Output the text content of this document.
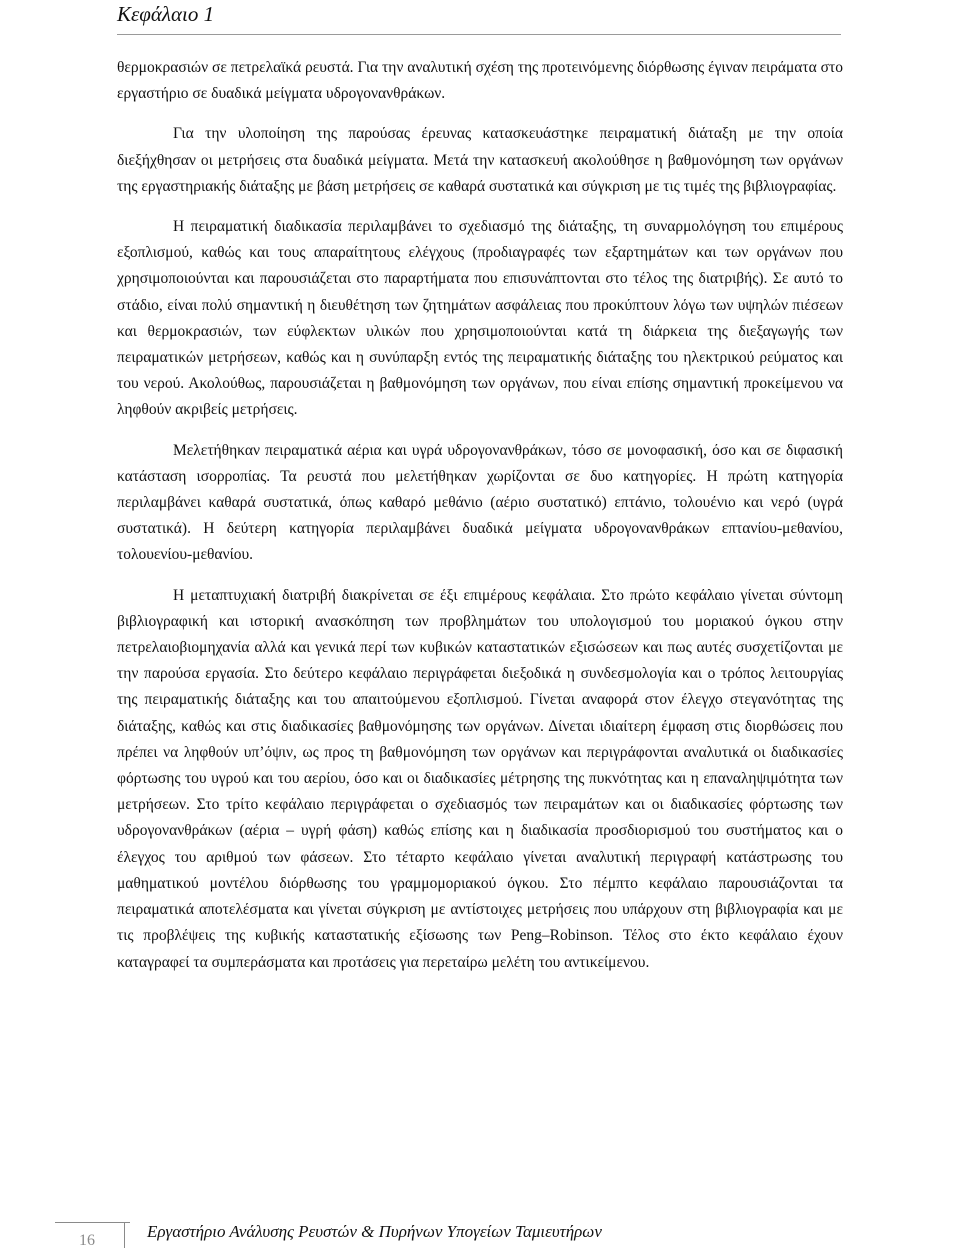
Κεφάλαιο 1

θερμοκρασιών σε πετρελαϊκά ρευστά. Για την αναλυτική σχέση της προτεινόμενης διόρθωσης έγιναν πειράματα στο εργαστήριο σε δυαδικά μείγματα υδρογονανθράκων.

Για την υλοποίηση της παρούσας έρευνας κατασκευάστηκε πειραματική διάταξη με την οποία διεξήχθησαν οι μετρήσεις στα δυαδικά μείγματα. Μετά την κατασκευή ακολούθησε η βαθμονόμηση των οργάνων της εργαστηριακής διάταξης με βάση μετρήσεις σε καθαρά συστατικά και σύγκριση με τις τιμές της βιβλιογραφίας.

Η πειραματική διαδικασία περιλαμβάνει το σχεδιασμό της διάταξης, τη συναρμολόγηση του επιμέρους εξοπλισμού, καθώς και τους απαραίτητους ελέγχους (προδιαγραφές των εξαρτημάτων και των οργάνων που χρησιμοποιούνται και παρουσιάζεται στο παραρτήματα που επισυνάπτονται στο τέλος της διατριβής). Σε αυτό το στάδιο, είναι πολύ σημαντική η διευθέτηση των ζητημάτων ασφάλειας που προκύπτουν λόγω των υψηλών πιέσεων και θερμοκρασιών, των εύφλεκτων υλικών που χρησιμοποιούνται κατά τη διάρκεια της διεξαγωγής των πειραματικών μετρήσεων, καθώς και η συνύπαρξη εντός της πειραματικής διάταξης του ηλεκτρικού ρεύματος και του νερού. Ακολούθως, παρουσιάζεται η βαθμονόμηση των οργάνων, που είναι επίσης σημαντική προκείμενου να ληφθούν ακριβείς μετρήσεις.

Μελετήθηκαν πειραματικά αέρια και υγρά υδρογονανθράκων, τόσο σε μονοφασική, όσο και σε διφασική κατάσταση ισορροπίας. Τα ρευστά που μελετήθηκαν χωρίζονται σε δυο κατηγορίες. Η πρώτη κατηγορία περιλαμβάνει καθαρά συστατικά, όπως καθαρό μεθάνιο (αέριο συστατικό) επτάνιο, τολουένιο και νερό (υγρά συστατικά). Η δεύτερη κατηγορία περιλαμβάνει δυαδικά μείγματα υδρογονανθράκων επτανίου-μεθανίου, τολουενίου-μεθανίου.

Η μεταπτυχιακή διατριβή διακρίνεται σε έξι επιμέρους κεφάλαια. Στο πρώτο κεφάλαιο γίνεται σύντομη βιβλιογραφική και ιστορική ανασκόπηση των προβλημάτων του υπολογισμού του μοριακού όγκου στην πετρελαιοβιομηχανία αλλά και γενικά περί των κυβικών καταστατικών εξισώσεων και πως αυτές συσχετίζονται με την παρούσα εργασία. Στο δεύτερο κεφάλαιο περιγράφεται διεξοδικά η συνδεσμολογία και ο τρόπος λειτουργίας της πειραματικής διάταξης και του απαιτούμενου εξοπλισμού. Γίνεται αναφορά στον έλεγχο στεγανότητας της διάταξης, καθώς και στις διαδικασίες βαθμονόμησης των οργάνων. Δίνεται ιδιαίτερη έμφαση στις διορθώσεις που πρέπει να ληφθούν υπ’όψιν, ως προς τη βαθμονόμηση των οργάνων και περιγράφονται αναλυτικά οι διαδικασίες φόρτωσης του υγρού και του αερίου, όσο και οι διαδικασίες μέτρησης της πυκνότητας και η επαναληψιμότητα των μετρήσεων. Στο τρίτο κεφάλαιο περιγράφεται ο σχεδιασμός των πειραμάτων και οι διαδικασίες φόρτωσης των υδρογονανθράκων (αέρια – υγρή φάση) καθώς επίσης και η διαδικασία προσδιορισμού του συστήματος και ο έλεγχος του αριθμού των φάσεων. Στο τέταρτο κεφάλαιο γίνεται αναλυτική περιγραφή κατάστρωσης του μαθηματικού μοντέλου διόρθωσης του γραμμομοριακού όγκου. Στο πέμπτο κεφάλαιο παρουσιάζονται τα πειραματικά αποτελέσματα και γίνεται σύγκριση με αντίστοιχες μετρήσεις που υπάρχουν στη βιβλιογραφία και με τις προβλέψεις της κυβικής καταστατικής εξίσωσης των Peng–Robinson. Τέλος στο έκτο κεφάλαιο έχουν καταγραφεί τα συμπεράσματα και προτάσεις για περεταίρω μελέτη του αντικείμενου.

16	Εργαστήριο Ανάλυσης Ρευστών & Πυρήνων Υπογείων Ταμιευτήρων
